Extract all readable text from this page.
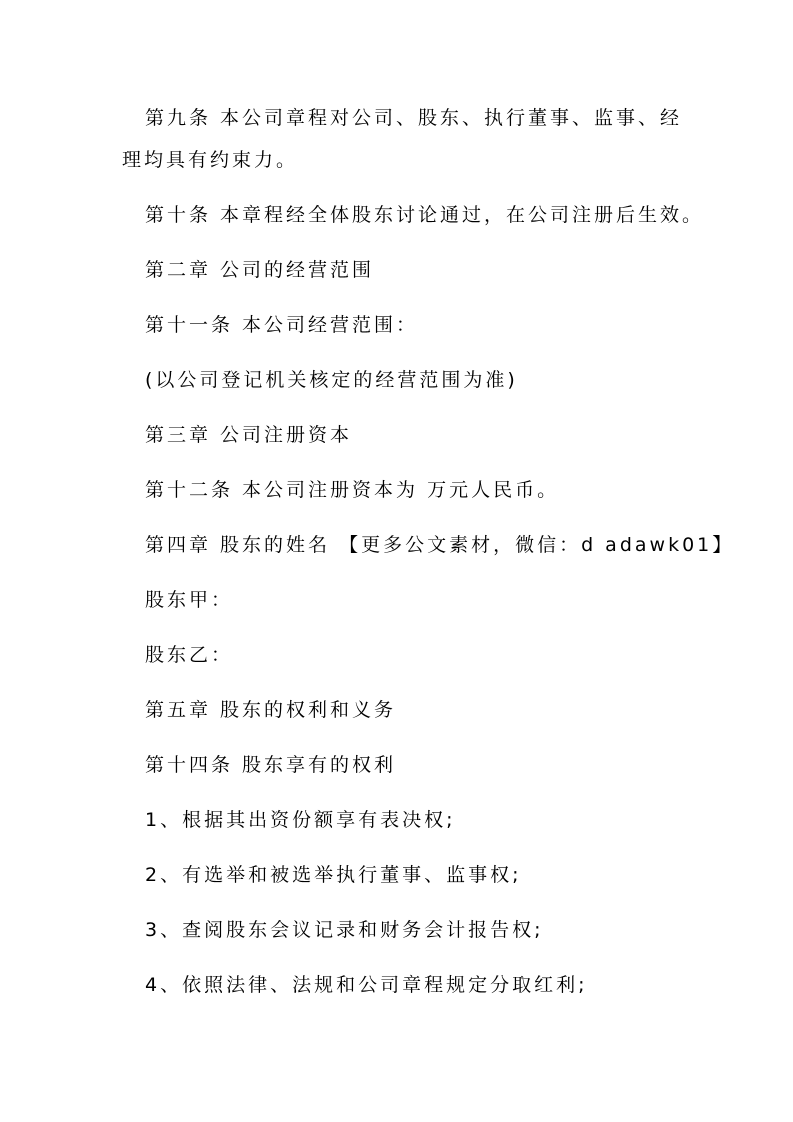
第九条 本公司章程对公司、股东、执行董事、监事、经

理均具有约束力。

第十条 本章程经全体股东讨论通过，在公司注册后生效。

第二章 公司的经营范围

第十一条 本公司经营范围：

(以公司登记机关核定的经营范围为准)

第三章 公司注册资本

第十二条 本公司注册资本为 万元人民币。

第四章 股东的姓名 【更多公文素材，微信：d adawk01】

股东甲：

股东乙：

第五章 股东的权利和义务

第十四条 股东享有的权利

1、根据其出资份额享有表决权;

2、有选举和被选举执行董事、监事权;

3、查阅股东会议记录和财务会计报告权;

4、依照法律、法规和公司章程规定分取红利;
